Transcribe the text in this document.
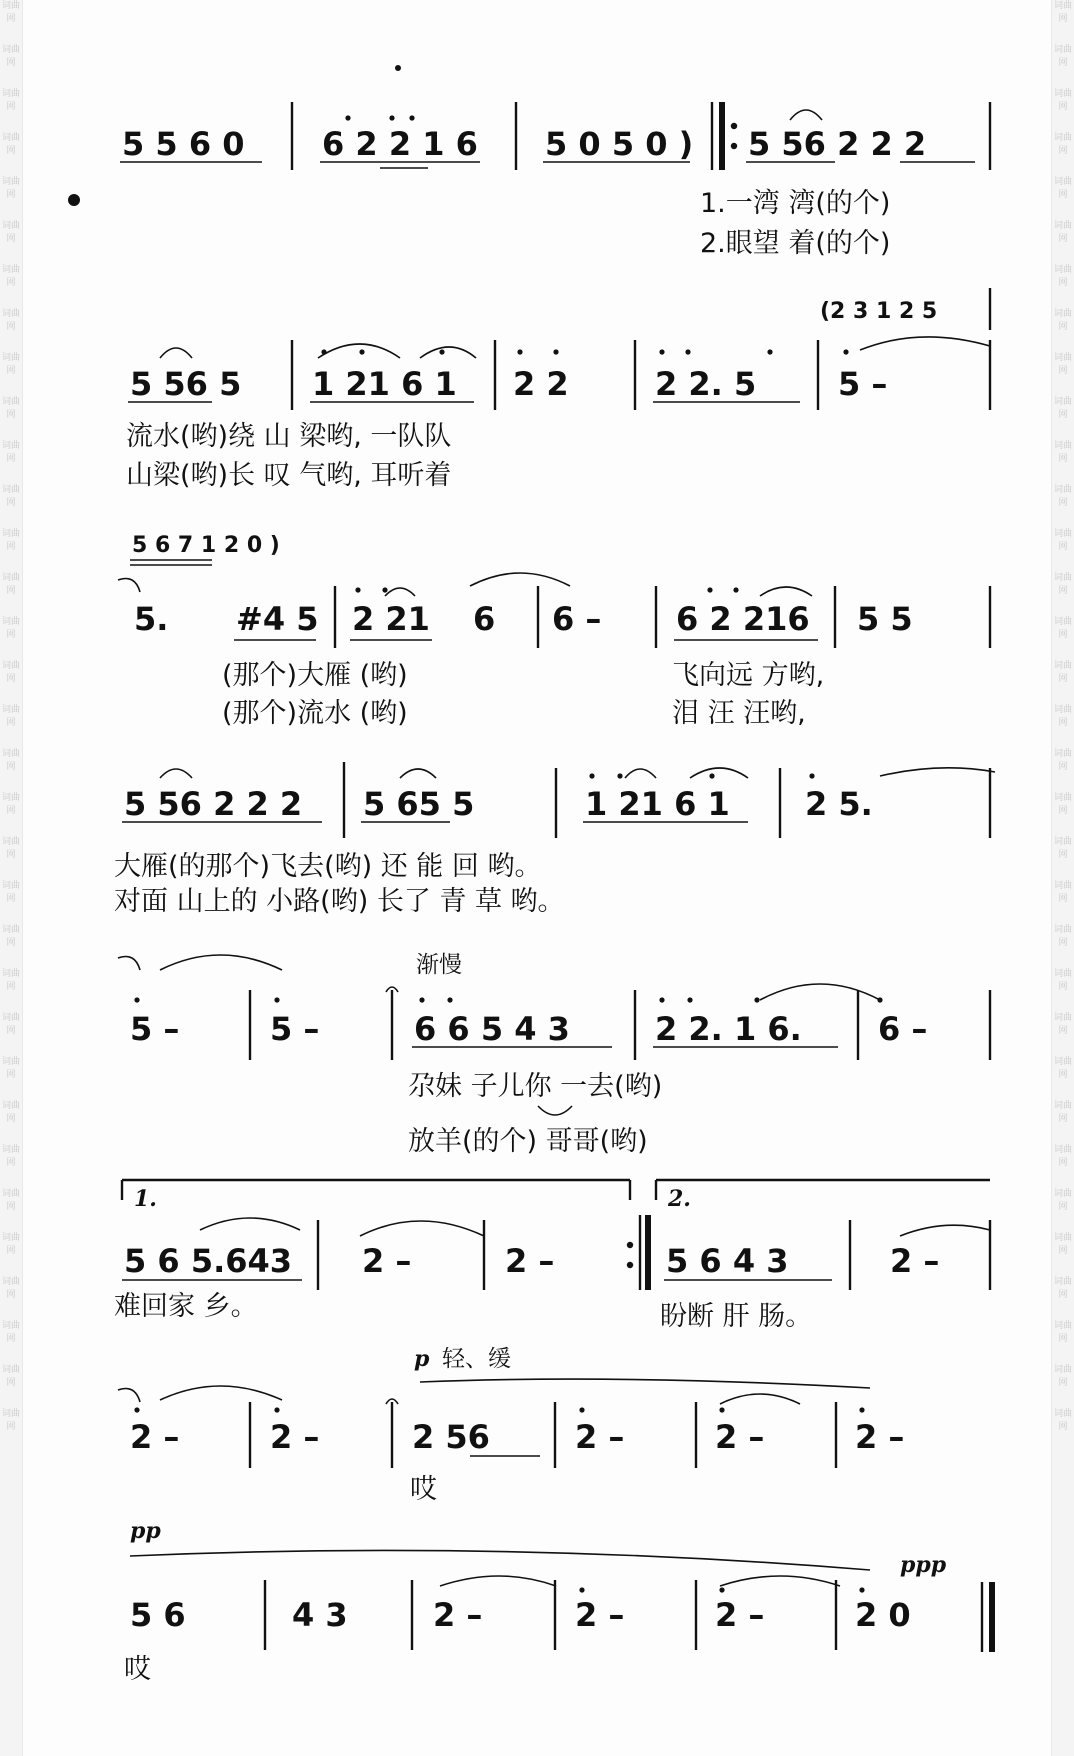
词曲网
词曲网
词曲网
词曲网
词曲网
词曲网
词曲网
词曲网
词曲网
词曲网
词曲网
词曲网
词曲网
词曲网
词曲网
词曲网
词曲网
词曲网
词曲网
词曲网
词曲网
词曲网
词曲网
词曲网
词曲网
词曲网
词曲网
词曲网
词曲网
词曲网
词曲网
词曲网
词曲网
词曲网
词曲网
词曲网
词曲网
词曲网
词曲网
词曲网
词曲网
词曲网
词曲网
词曲网
词曲网
词曲网
词曲网
词曲网
词曲网
词曲网
词曲网
词曲网
词曲网
词曲网
词曲网
词曲网
词曲网
词曲网
词曲网
词曲网
词曲网
词曲网
词曲网
词曲网
词曲网
词曲网
5 5 6 0 6 2 2 1 6 5 0 5 0 ) 5 56 2 2 2
1.一湾 湾(的个)
2.眼望 着(的个)
(2 3 1 2 5
5 56 5 1 21 6 1 2 2	2 2. 5	5 –
流水(哟)绕 山 梁哟, 一队队
山梁(哟)长 叹 气哟, 耳听着
5 6 7 1 2 0 )
5. #4 5 2 21 6 6 – 6 2 216 5 5
(那个)大雁 (哟)
(那个)流水 (哟)
飞向远 方哟,
泪 汪 汪哟,
5 56 2 2 2 5 65 5	1 21 6 1 2 5.
大雁(的那个)飞去(哟) 还 能 回 哟。
对面 山上的 小路(哟) 长了 青 草 哟。
渐慢
5 –	5 –	6 6 5 4 3	2 2. 1 6. 6 –
尕妹 子儿你 一去(哟)
放羊(的个) 哥哥(哟)
1.	2.
5 6 5.643 2 –	2 –	5 6 4 3	2 –
难回家 乡。	盼断 肝 肠。
p 轻、缓
2 –	2 –	2 56	2 –	2 –	2 –
哎
pp
ppp
5 6	4 3	2 –	2 –	2 –	2 0
哎
